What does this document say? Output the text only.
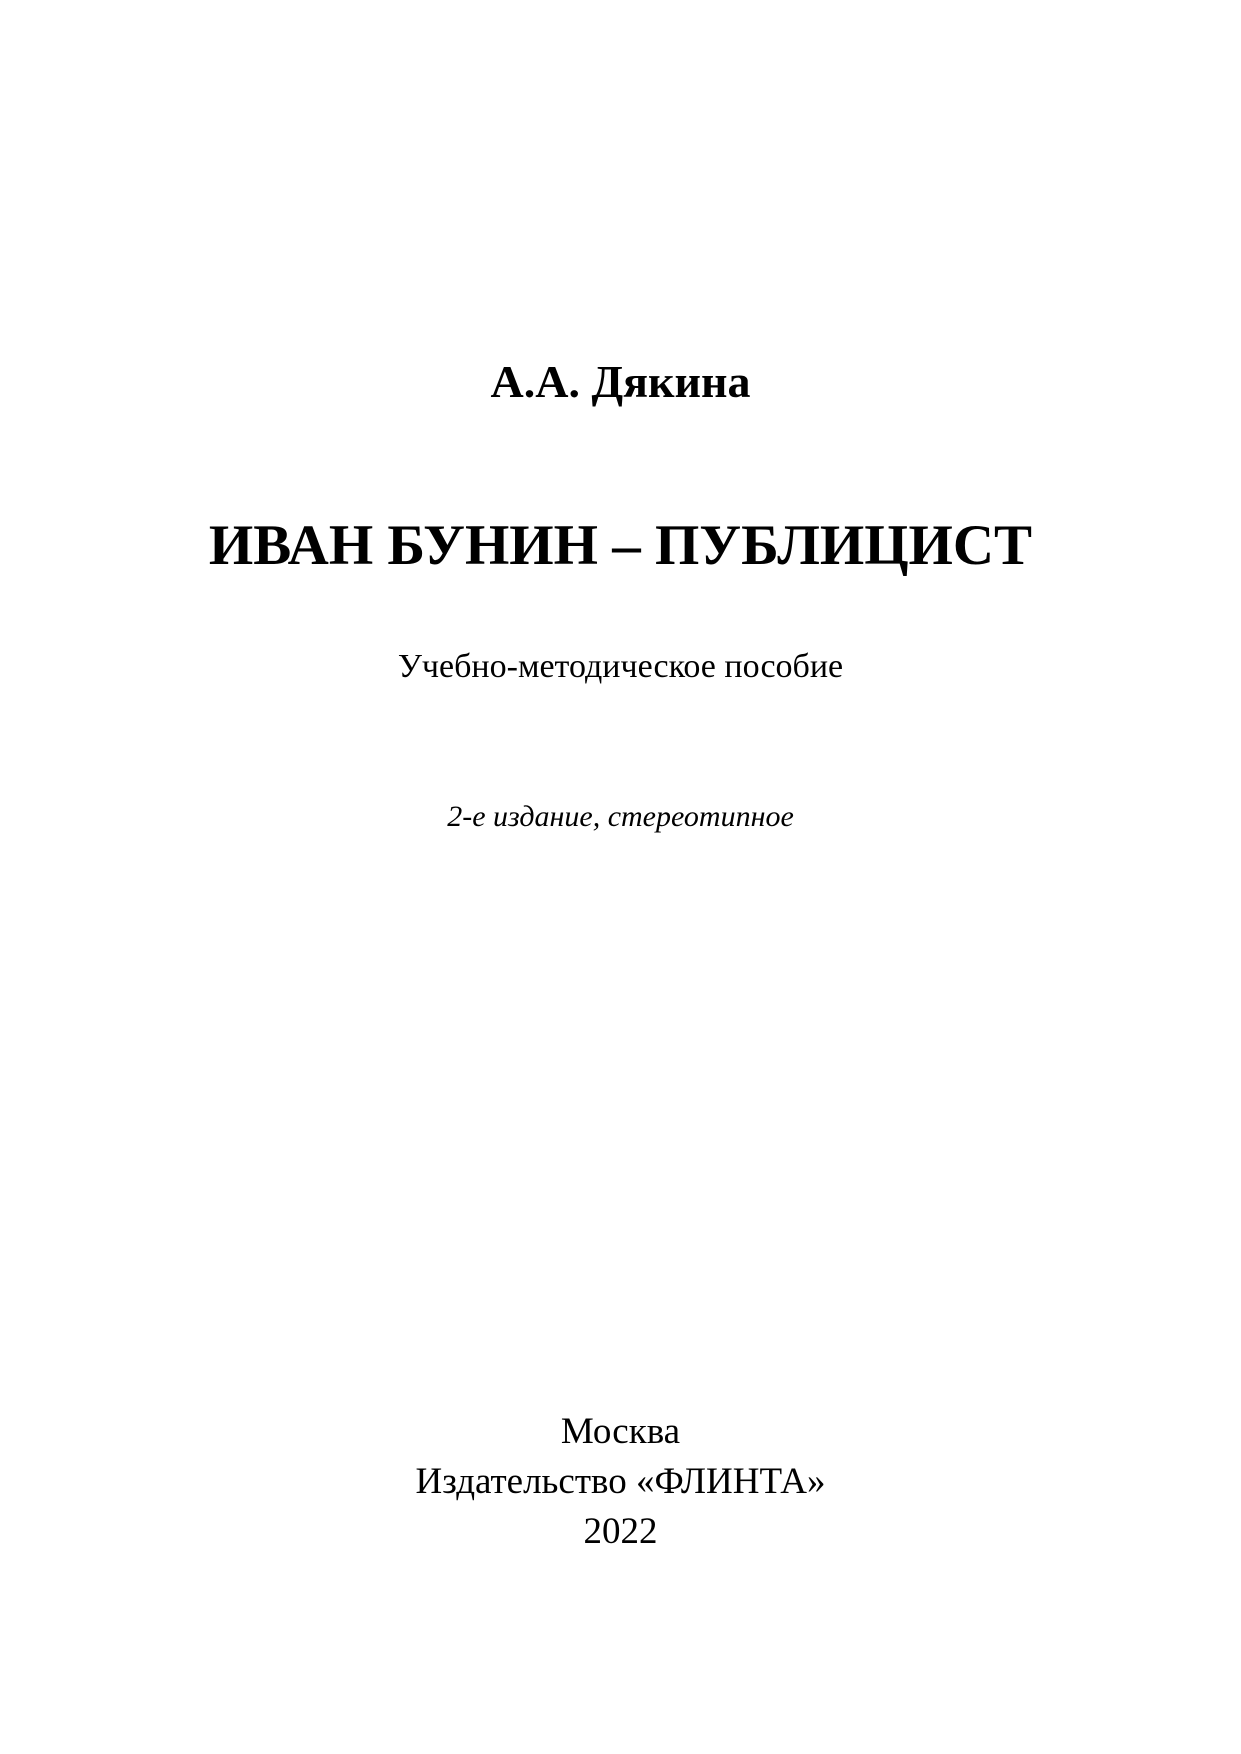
А.А. Дякина
ИВАН БУНИН – ПУБЛИЦИСТ
Учебно-методическое пособие
2-е издание, стереотипное
Москва
Издательство «ФЛИНТА»
2022
